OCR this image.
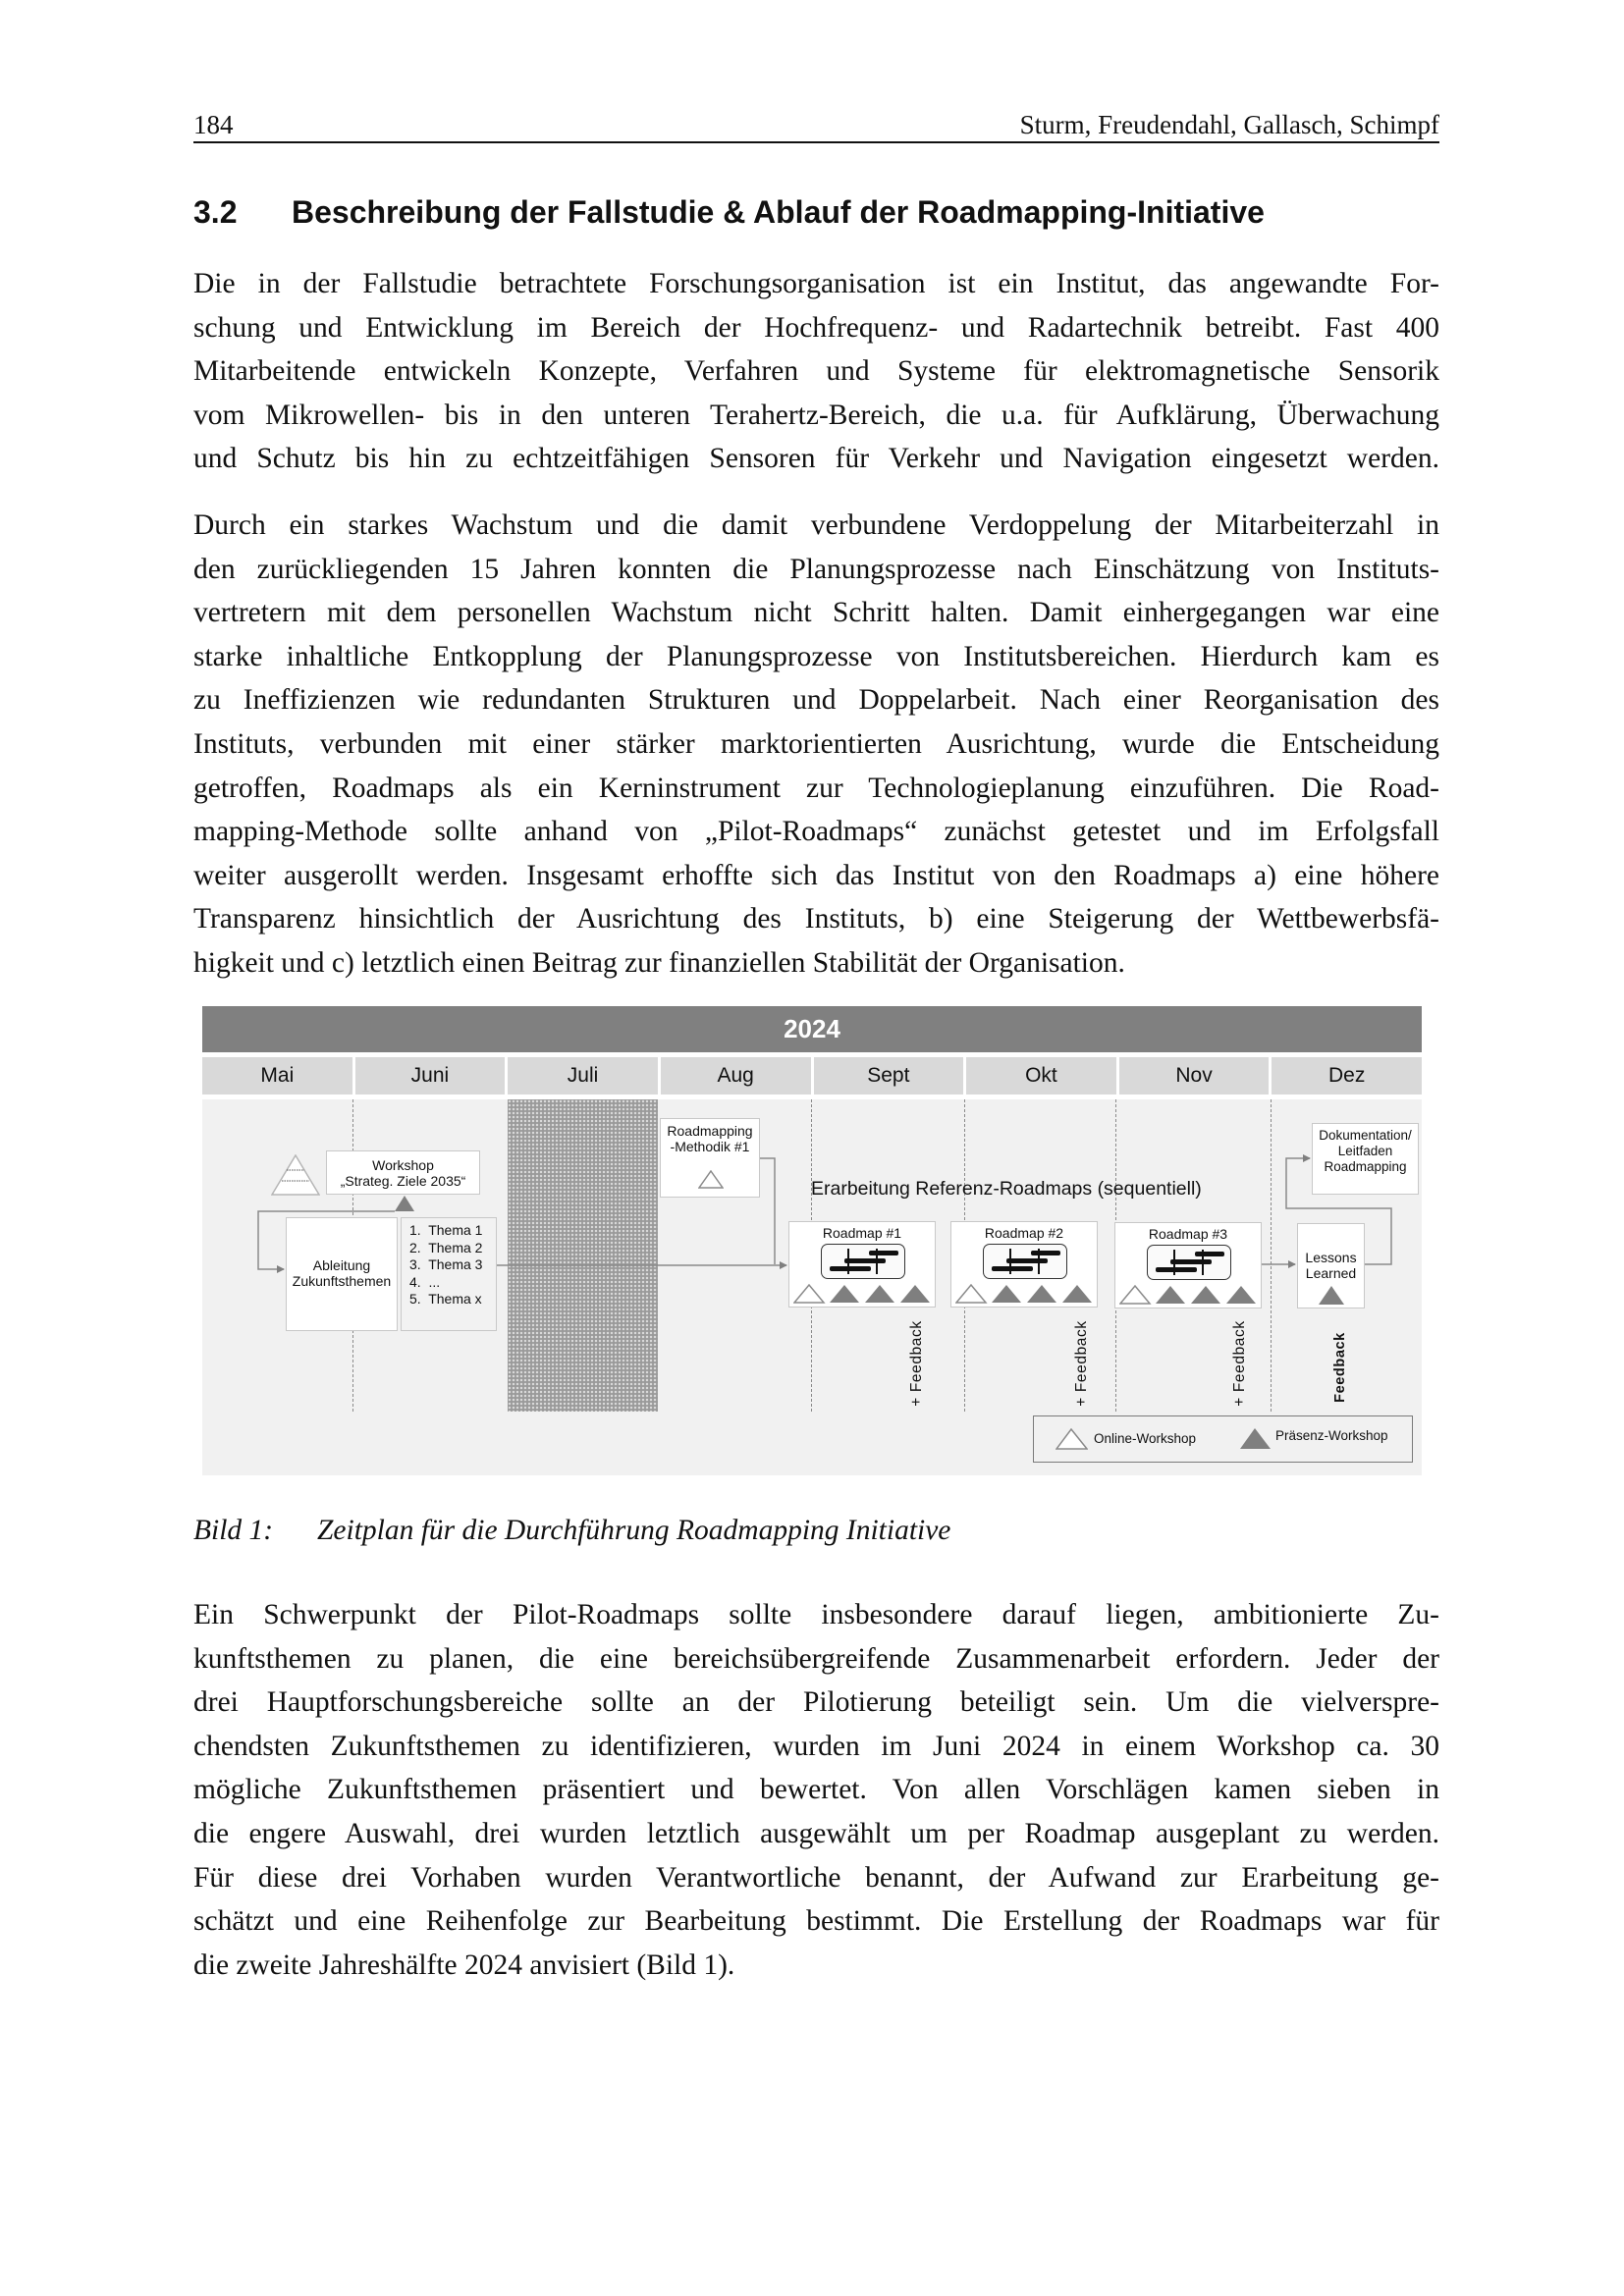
184	Sturm, Freudendahl, Gallasch, Schimpf
3.2 Beschreibung der Fallstudie & Ablauf der Roadmapping-Initiative
Die in der Fallstudie betrachtete Forschungsorganisation ist ein Institut, das angewandte For-
schung und Entwicklung im Bereich der Hochfrequenz- und Radartechnik betreibt. Fast 400
Mitarbeitende entwickeln Konzepte, Verfahren und Systeme für elektromagnetische Sensorik
vom Mikrowellen- bis in den unteren Terahertz-Bereich, die u.a. für Aufklärung, Überwachung
und Schutz bis hin zu echtzeitfähigen Sensoren für Verkehr und Navigation eingesetzt werden.
Durch ein starkes Wachstum und die damit verbundene Verdoppelung der Mitarbeiterzahl in
den zurückliegenden 15 Jahren konnten die Planungsprozesse nach Einschätzung von Instituts-
vertretern mit dem personellen Wachstum nicht Schritt halten. Damit einhergegangen war eine
starke inhaltliche Entkopplung der Planungsprozesse von Institutsbereichen. Hierdurch kam es
zu Ineffizienzen wie redundanten Strukturen und Doppelarbeit. Nach einer Reorganisation des
Instituts, verbunden mit einer stärker marktorientierten Ausrichtung, wurde die Entscheidung
getroffen, Roadmaps als ein Kerninstrument zur Technologieplanung einzuführen. Die Road-
mapping-Methode sollte anhand von „Pilot-Roadmaps“ zunächst getestet und im Erfolgsfall
weiter ausgerollt werden. Insgesamt erhoffte sich das Institut von den Roadmaps a) eine höhere
Transparenz hinsichtlich der Ausrichtung des Instituts, b) eine Steigerung der Wettbewerbsfä-
higkeit und c) letztlich einen Beitrag zur finanziellen Stabilität der Organisation.
2024
Mai	Juni	Juli	Aug	Sept	Okt	Nov	Dez
Workshop
„Strateg. Ziele 2035“
Ableitung
Zukunftsthemen
1.  Thema 1
2.  Thema 2
3.  Thema 3
4.  ...
5.  Thema x
Roadmapping
-Methodik #1
Erarbeitung Referenz-Roadmaps (sequentiell)
Roadmap #1	Roadmap #2	Roadmap #3
Lessons
Learned
Dokumentation/
Leitfaden
Roadmapping
+ Feedback	+ Feedback	+ Feedback	Feedback
Online-Workshop	Präsenz-Workshop
Bild 1: Zeitplan für die Durchführung Roadmapping Initiative
Ein Schwerpunkt der Pilot-Roadmaps sollte insbesondere darauf liegen, ambitionierte Zu-
kunftsthemen zu planen, die eine bereichsübergreifende Zusammenarbeit erfordern. Jeder der
drei Hauptforschungsbereiche sollte an der Pilotierung beteiligt sein. Um die vielverspre-
chendsten Zukunftsthemen zu identifizieren, wurden im Juni 2024 in einem Workshop ca. 30
mögliche Zukunftsthemen präsentiert und bewertet. Von allen Vorschlägen kamen sieben in
die engere Auswahl, drei wurden letztlich ausgewählt um per Roadmap ausgeplant zu werden.
Für diese drei Vorhaben wurden Verantwortliche benannt, der Aufwand zur Erarbeitung ge-
schätzt und eine Reihenfolge zur Bearbeitung bestimmt. Die Erstellung der Roadmaps war für
die zweite Jahreshälfte 2024 anvisiert (Bild 1).
